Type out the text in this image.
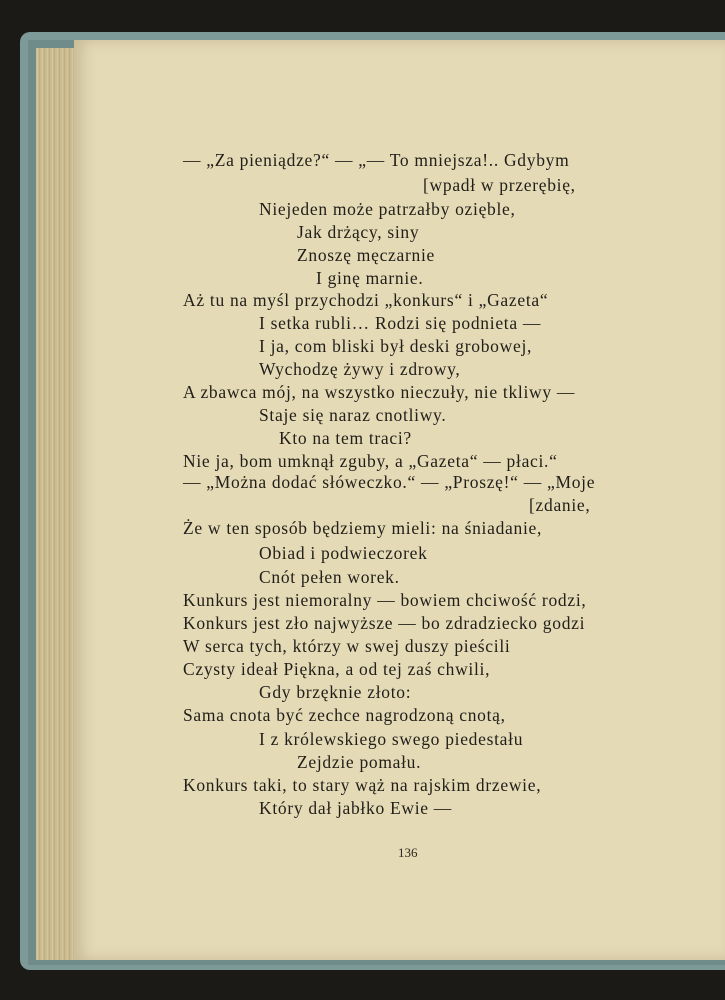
— „Za pieniądze?“ — „— To mniejsza!.. Gdybym
[wpadł w przerębię,
Niejeden może patrzałby ozięble,
Jak drżący, siny
Znoszę męczarnie
I ginę marnie.
Aż tu na myśl przychodzi „konkurs“ i „Gazeta“
I setka rubli… Rodzi się podnieta —
I ja, com bliski był deski grobowej,
Wychodzę żywy i zdrowy,
A zbawca mój, na wszystko nieczuły, nie tkliwy —
Staje się naraz cnotliwy.
Kto na tem traci?
Nie ja, bom umknął zguby, a „Gazeta“ — płaci.“
— „Można dodać słóweczko.“ — „Proszę!“ — „Moje
[zdanie,
Że w ten sposób będziemy mieli: na śniadanie,
Obiad i podwieczorek
Cnót pełen worek.
Kunkurs jest niemoralny — bowiem chciwość rodzi,
Konkurs jest zło najwyższe — bo zdradziecko godzi
W serca tych, którzy w swej duszy pieścili
Czysty ideał Piękna, a od tej zaś chwili,
Gdy brzęknie złoto:
Sama cnota być zechce nagrodzoną cnotą,
I z królewskiego swego piedestału
Zejdzie pomału.
Konkurs taki, to stary wąż na rajskim drzewie,
Który dał jabłko Ewie —
136
